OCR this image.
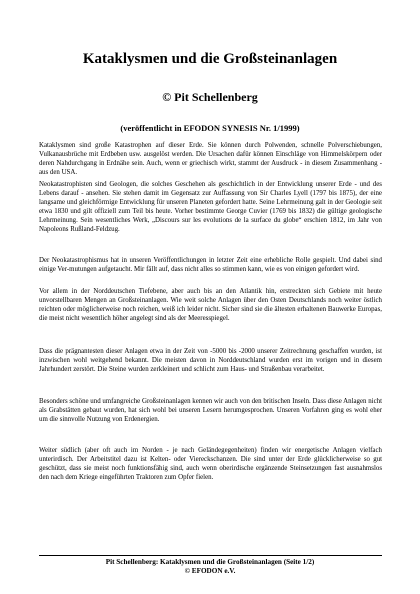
Kataklysmen und die Großsteinanlagen
© Pit Schellenberg
(veröffentlicht in EFODON SYNESIS Nr. 1/1999)

Kataklysmen sind große Katastrophen auf dieser Erde. Sie können durch Polwenden, schnelle Polverschiebungen, Vulkanausbrüche mit Erdbeben usw. ausgelöst werden. Die Ursachen dafür können Einschläge von Himmelskörpern oder deren Nahdurchgang in Erdnähe sein. Auch, wenn er griechisch wirkt, stammt der Ausdruck - in diesem Zusammenhang - aus den USA.

Neokatastrophisten sind Geologen, die solches Geschehen als geschichtlich in der Entwicklung unserer Erde - und des Lebens darauf - ansehen. Sie stehen damit im Gegensatz zur Auffassung von Sir Charles Lyell (1797 bis 1875), der eine langsame und gleichförmige Entwicklung für unseren Planeten gefordert hatte. Seine Lehrmeinung galt in der Geologie seit etwa 1830 und gilt offiziell zum Teil bis heute. Vorher bestimmte George Cuvier (1769 bis 1832) die gültige geologische Lehrmeinung. Sein wesentliches Werk, „Discours sur les evolutions de la surface du globe“ erschien 1812, im Jahr von Napoleons Rußland-Feldzug.

Der Neokatastrophismus hat in unseren Veröffentlichungen in letzter Zeit eine erhebliche Rolle gespielt. Und dabei sind einige Ver-mutungen aufgetaucht. Mir fällt auf, dass nicht alles so stimmen kann, wie es von einigen gefordert wird.

Vor allem in der Norddeutschen Tiefebene, aber auch bis an den Atlantik hin, erstreckten sich Gebiete mit heute unvorstellbaren Mengen an Großsteinanlagen. Wie weit solche Anlagen über den Osten Deutschlands noch weiter östlich reichten oder möglicherweise noch reichen, weiß ich leider nicht. Sicher sind sie die ältesten erhaltenen Bauwerke Europas, die meist nicht wesentlich höher angelegt sind als der Meeresspiegel.

Dass die prägnantesten dieser Anlagen etwa in der Zeit von -5000 bis -2000 unserer Zeitrechnung geschaffen wurden, ist inzwischen wohl weitgehend bekannt. Die meisten davon in Norddeutschland wurden erst im vorigen und in diesem Jahrhundert zerstört. Die Steine wurden zerkleinert und schlicht zum Haus- und Straßenbau verarbeitet.

Besonders schöne und umfangreiche Großsteinanlagen kennen wir auch von den britischen Inseln. Dass diese Anlagen nicht als Grabstätten gebaut wurden, hat sich wohl bei unseren Lesern herumgesprochen. Unseren Vorfahren ging es wohl eher um die sinnvolle Nutzung von Erdenergien.

Weiter südlich (aber oft auch im Norden - je nach Geländegegenheiten) finden wir energetische Anlagen vielfach unterirdisch. Der Arbeitstitel dazu ist Kelten- oder Viereckschanzen. Die sind unter der Erde glücklicherweise so gut geschützt, dass sie meist noch funktionsfähig sind, auch wenn oberirdische ergänzende Steinsetzungen fast ausnahmslos den nach dem Kriege eingeführten Traktoren zum Opfer fielen.

Pit Schellenberg: Kataklysmen und die Großsteinanlagen (Seite 1/2)
© EFODON e.V.
